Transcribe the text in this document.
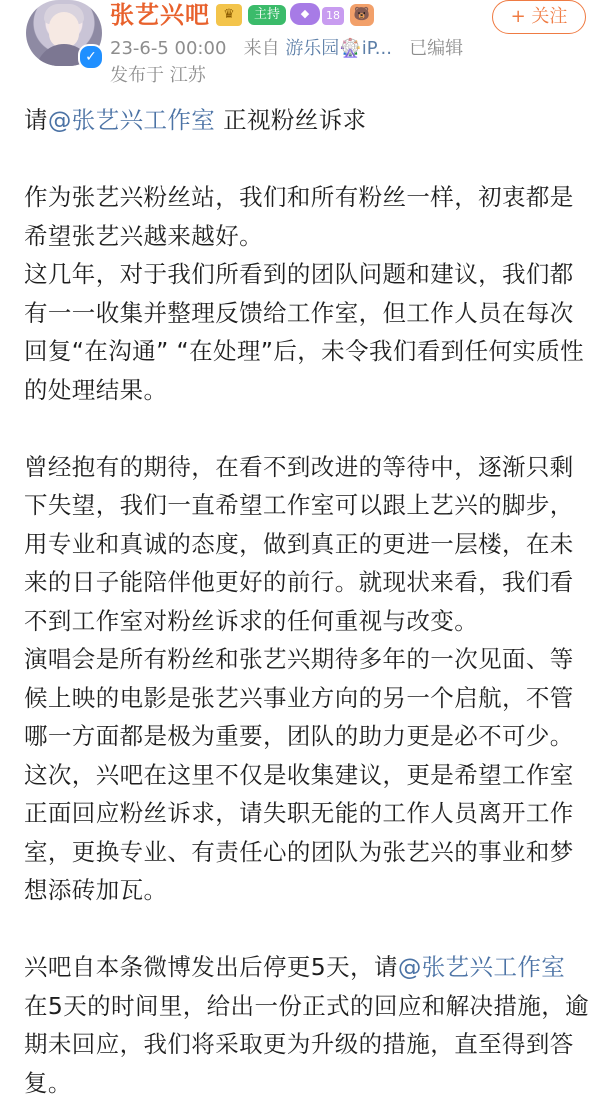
✓
张艺兴吧	♛	主持	◆	18	🐻	+ 关注
23-6-5 00:00 来自 游乐园🎡iP... 已编辑
发布于 江苏

请@张艺兴工作室 正视粉丝诉求

作为张艺兴粉丝站，我们和所有粉丝一样，初衷都是希望张艺兴越来越好。

这几年，对于我们所看到的团队问题和建议，我们都有一一收集并整理反馈给工作室，但工作人员在每次回复“在沟通” “在处理”后，未令我们看到任何实质性的处理结果。

曾经抱有的期待，在看不到改进的等待中，逐渐只剩下失望，我们一直希望工作室可以跟上艺兴的脚步，用专业和真诚的态度，做到真正的更进一层楼，在未来的日子能陪伴他更好的前行。就现状来看，我们看不到工作室对粉丝诉求的任何重视与改变。

演唱会是所有粉丝和张艺兴期待多年的一次见面、等候上映的电影是张艺兴事业方向的另一个启航，不管哪一方面都是极为重要，团队的助力更是必不可少。

这次，兴吧在这里不仅是收集建议，更是希望工作室正面回应粉丝诉求，请失职无能的工作人员离开工作室，更换专业、有责任心的团队为张艺兴的事业和梦想添砖加瓦。

兴吧自本条微博发出后停更5天，请@张艺兴工作室 在5天的时间里，给出一份正式的回应和解决措施，逾期未回应，我们将采取更为升级的措施，直至得到答复。
